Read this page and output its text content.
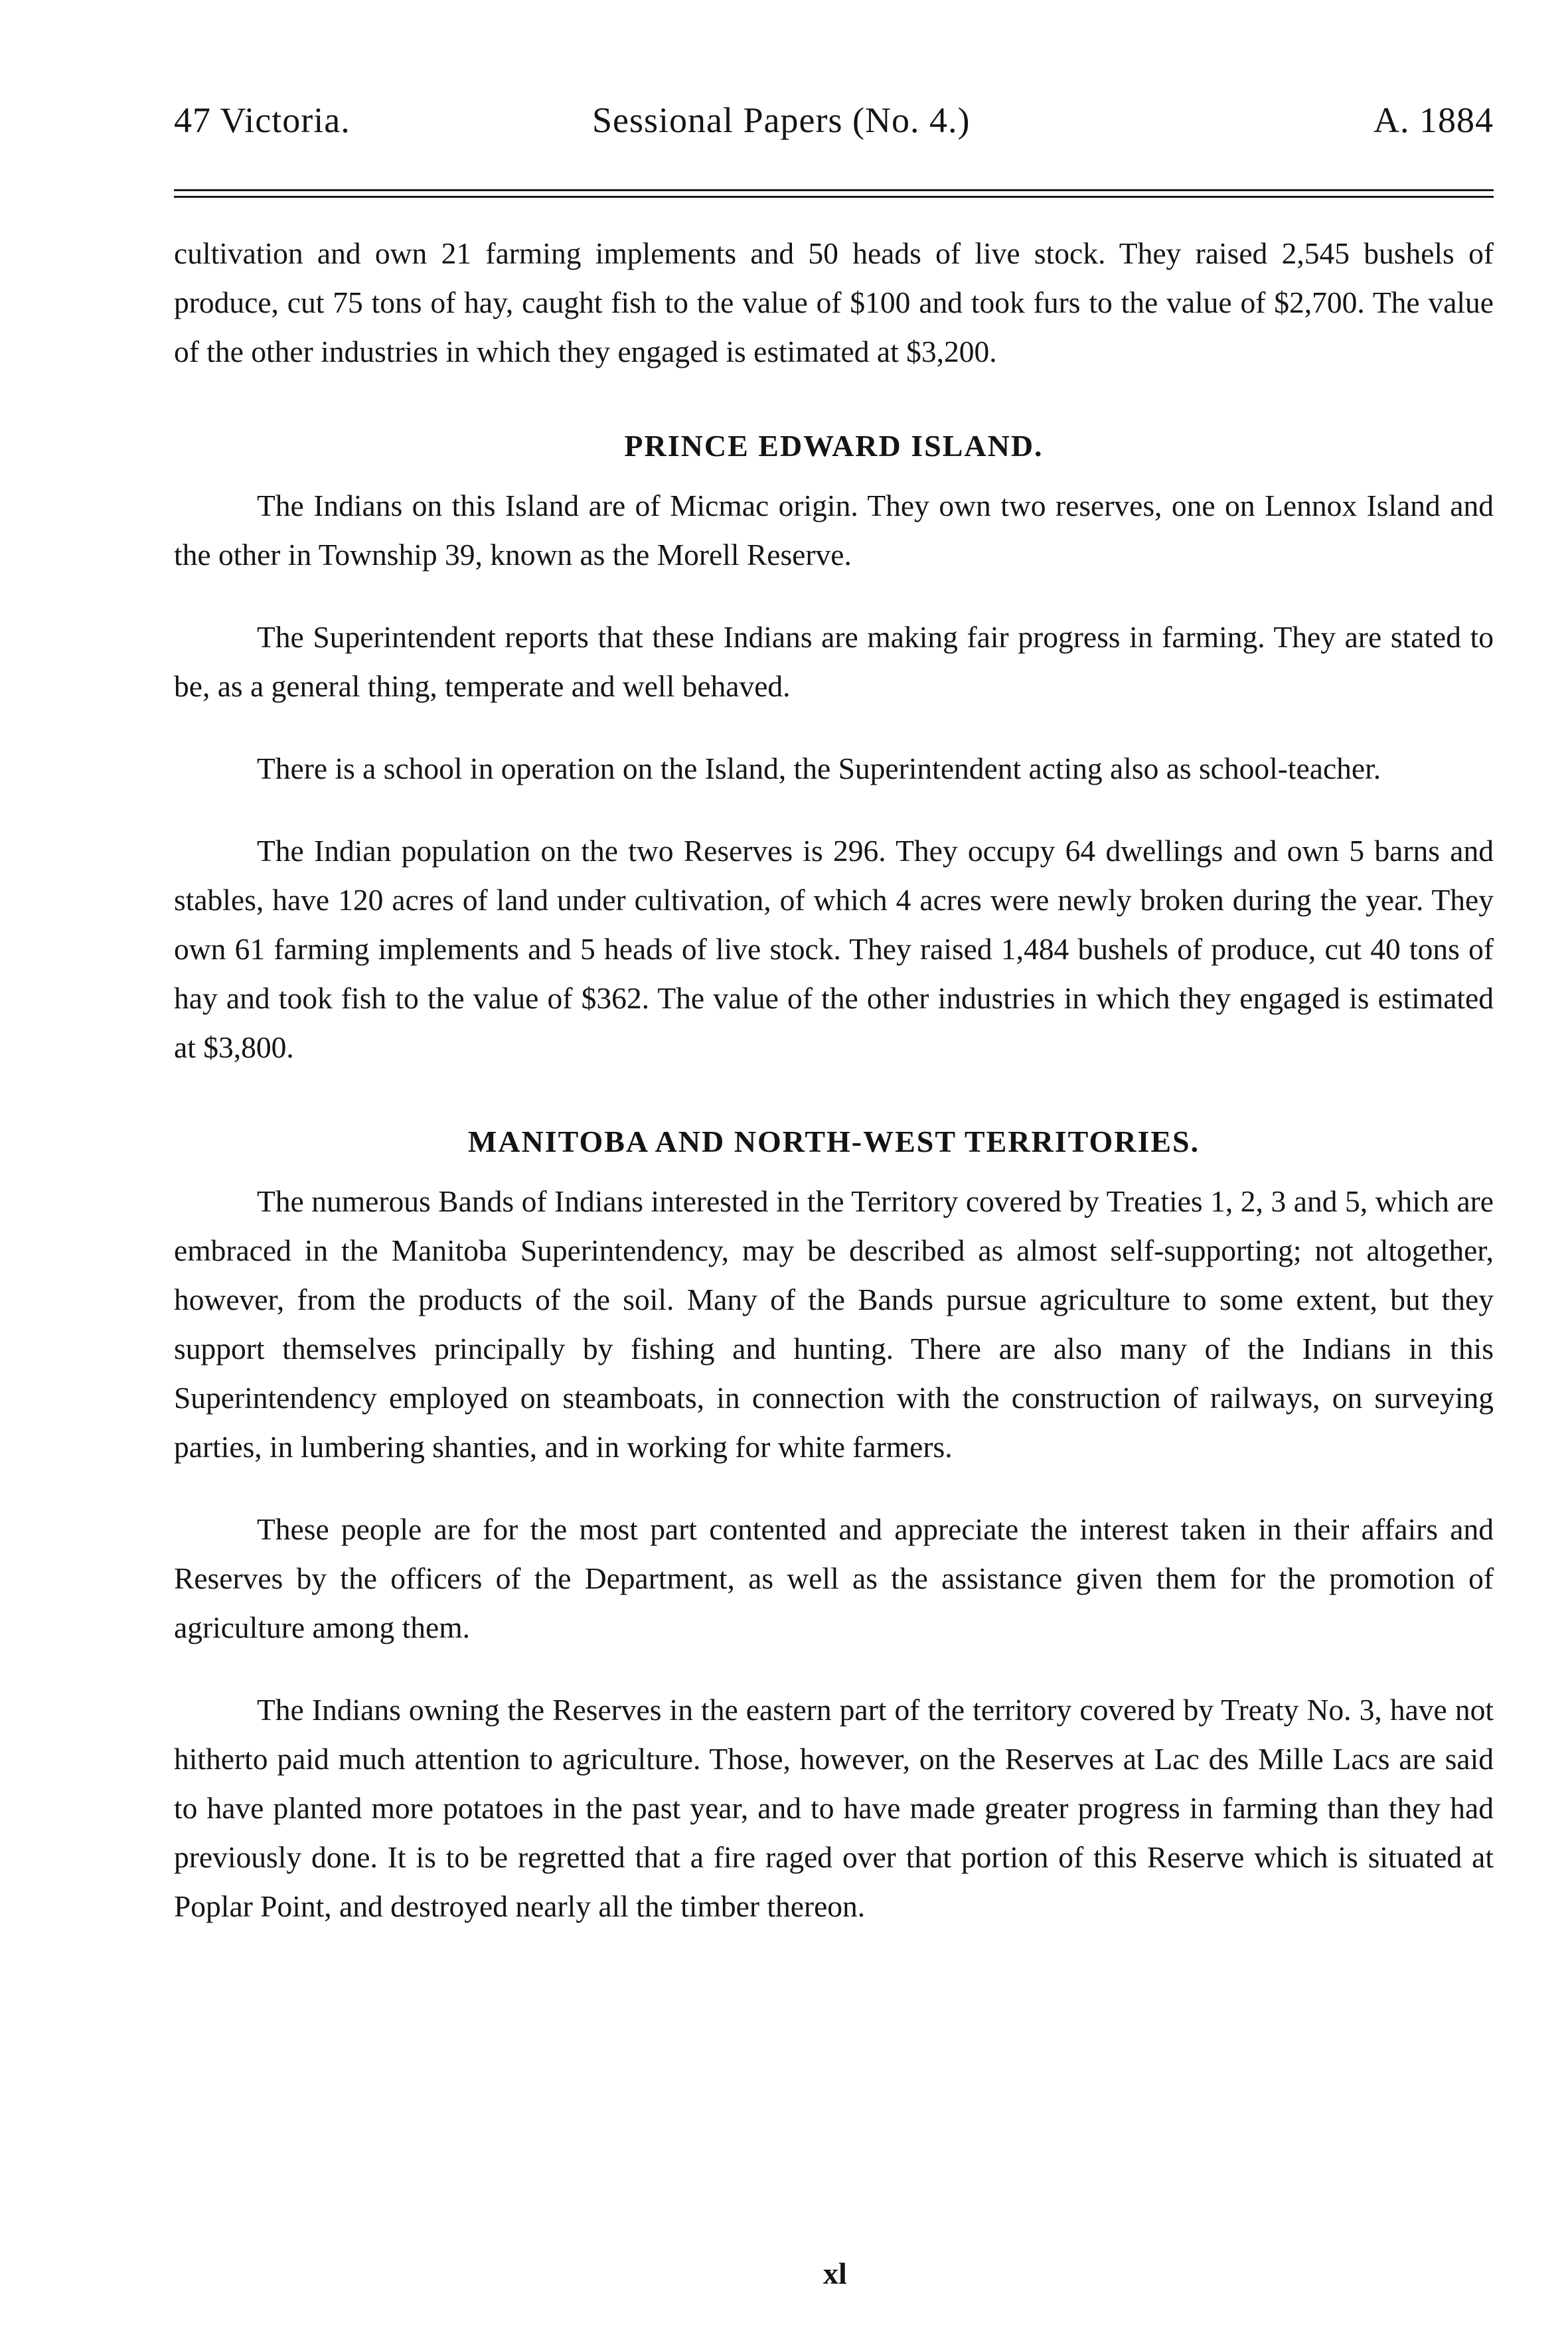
47 Victoria.	Sessional Papers (No. 4.)	A. 1884

cultivation and own 21 farming implements and 50 heads of live stock. They raised 2,545 bushels of produce, cut 75 tons of hay, caught fish to the value of $100 and took furs to the value of $2,700. The value of the other industries in which they engaged is estimated at $3,200.

PRINCE EDWARD ISLAND.

The Indians on this Island are of Micmac origin. They own two reserves, one on Lennox Island and the other in Township 39, known as the Morell Reserve.

The Superintendent reports that these Indians are making fair progress in farming. They are stated to be, as a general thing, temperate and well behaved.

There is a school in operation on the Island, the Superintendent acting also as school-teacher.

The Indian population on the two Reserves is 296. They occupy 64 dwellings and own 5 barns and stables, have 120 acres of land under cultivation, of which 4 acres were newly broken during the year. They own 61 farming implements and 5 heads of live stock. They raised 1,484 bushels of produce, cut 40 tons of hay and took fish to the value of $362. The value of the other industries in which they engaged is estimated at $3,800.

MANITOBA AND NORTH-WEST TERRITORIES.

The numerous Bands of Indians interested in the Territory covered by Treaties 1, 2, 3 and 5, which are embraced in the Manitoba Superintendency, may be described as almost self-supporting; not altogether, however, from the products of the soil. Many of the Bands pursue agriculture to some extent, but they support themselves principally by fishing and hunting. There are also many of the Indians in this Superintendency employed on steamboats, in connection with the construction of railways, on surveying parties, in lumbering shanties, and in working for white farmers.

These people are for the most part contented and appreciate the interest taken in their affairs and Reserves by the officers of the Department, as well as the assistance given them for the promotion of agriculture among them.

The Indians owning the Reserves in the eastern part of the territory covered by Treaty No. 3, have not hitherto paid much attention to agriculture. Those, however, on the Reserves at Lac des Mille Lacs are said to have planted more potatoes in the past year, and to have made greater progress in farming than they had previously done. It is to be regretted that a fire raged over that portion of this Reserve which is situated at Poplar Point, and destroyed nearly all the timber thereon.

xl
